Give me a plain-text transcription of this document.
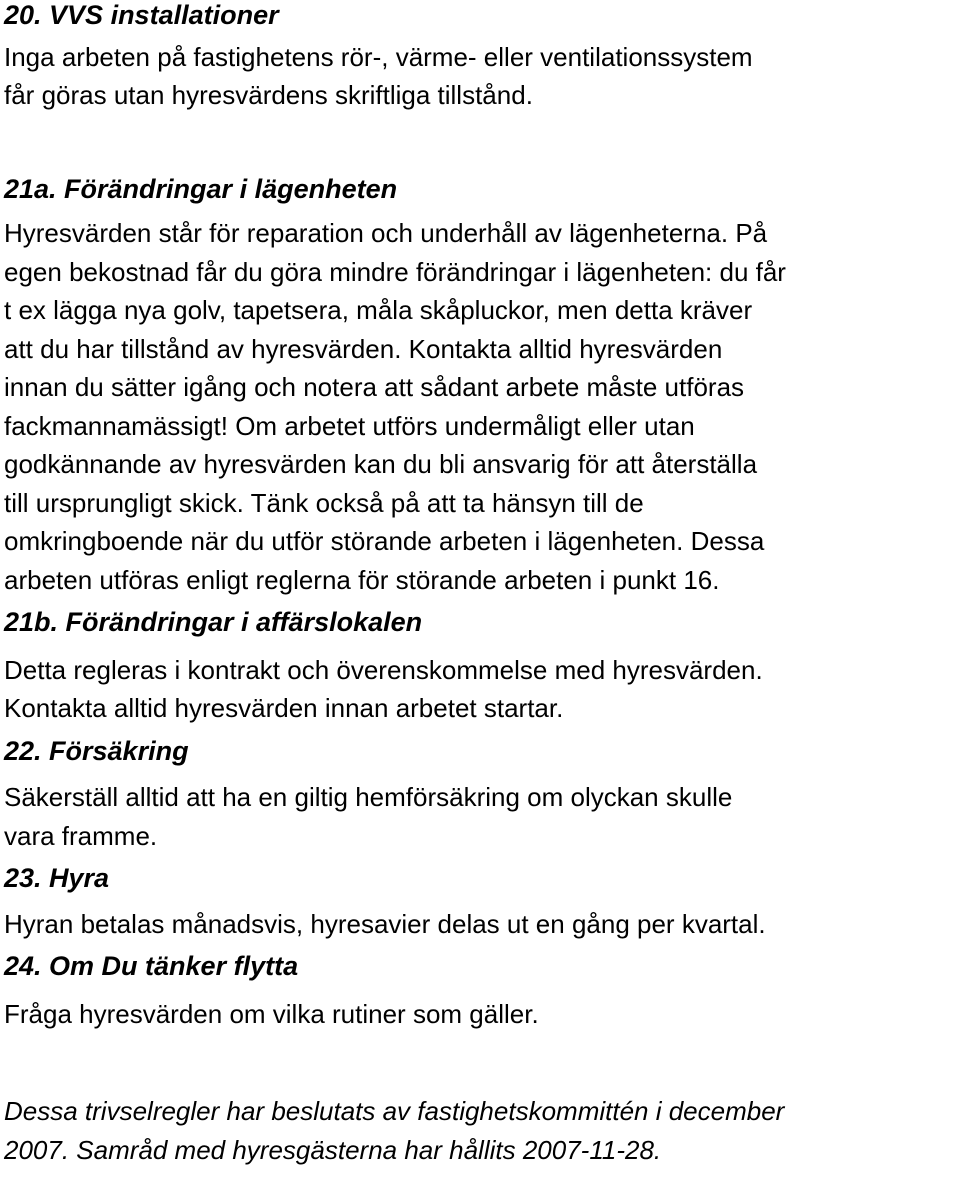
20. VVS installationer

Inga arbeten på fastighetens rör-, värme- eller ventilationssystem
får göras utan hyresvärdens skriftliga tillstånd.

21a. Förändringar i lägenheten

Hyresvärden står för reparation och underhåll av lägenheterna. På
egen bekostnad får du göra mindre förändringar i lägenheten: du får
t ex lägga nya golv, tapetsera, måla skåpluckor, men detta kräver
att du har tillstånd av hyresvärden. Kontakta alltid hyresvärden
innan du sätter igång och notera att sådant arbete måste utföras
fackmannamässigt! Om arbetet utförs undermåligt eller utan
godkännande av hyresvärden kan du bli ansvarig för att återställa
till ursprungligt skick. Tänk också på att ta hänsyn till de
omkringboende när du utför störande arbeten i lägenheten. Dessa
arbeten utföras enligt reglerna för störande arbeten i punkt 16.

21b. Förändringar i affärslokalen

Detta regleras i kontrakt och överenskommelse med hyresvärden.
Kontakta alltid hyresvärden innan arbetet startar.

22. Försäkring

Säkerställ alltid att ha en giltig hemförsäkring om olyckan skulle
vara framme.

23. Hyra

Hyran betalas månadsvis, hyresavier delas ut en gång per kvartal.

24. Om Du tänker flytta

Fråga hyresvärden om vilka rutiner som gäller.

Dessa trivselregler har beslutats av fastighetskommittén i december
2007. Samråd med hyresgästerna har hållits 2007-11-28.
